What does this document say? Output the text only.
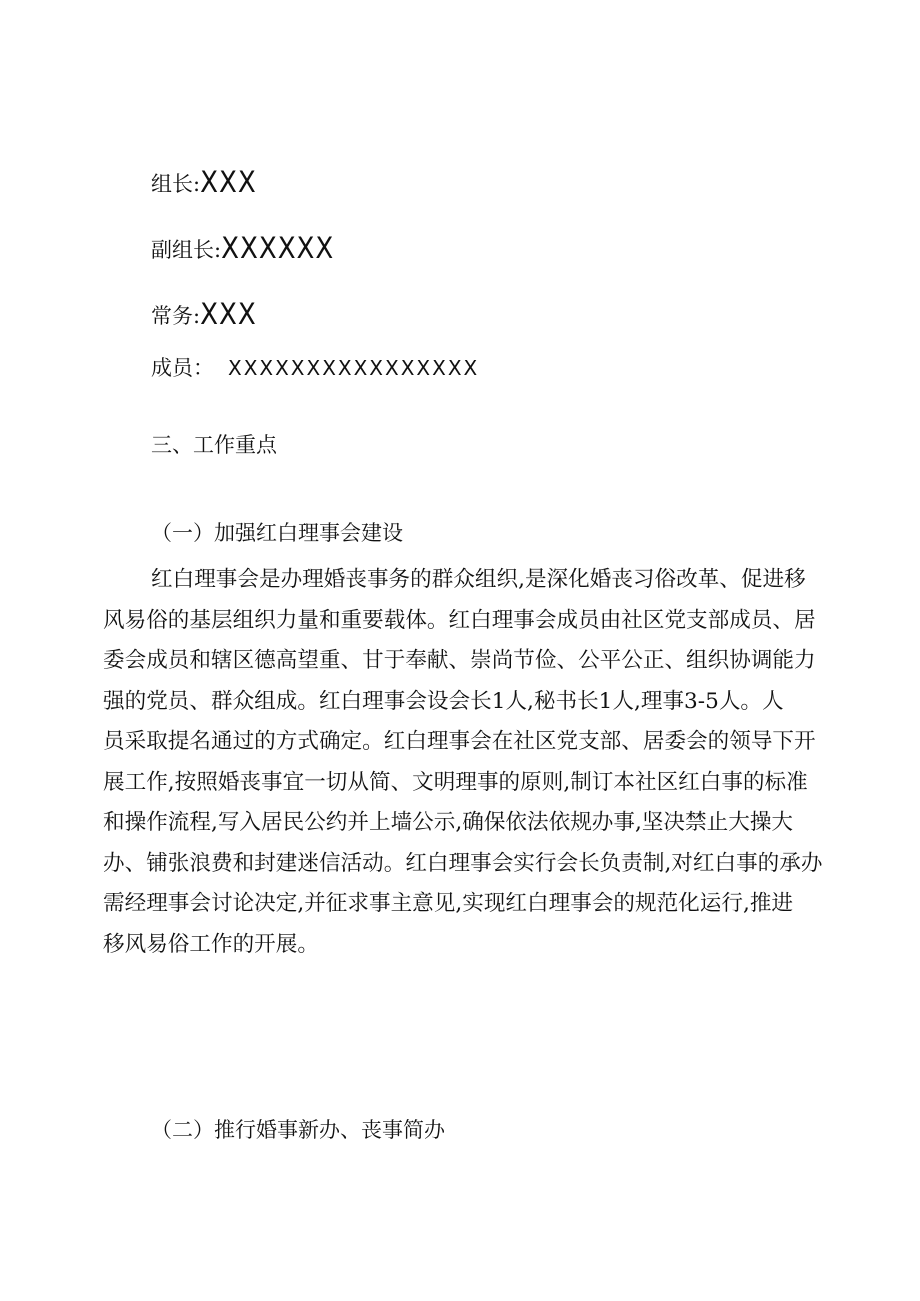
组长:XXX
副组长:XXXXXX
常务:XXX
成员： XXXXXXXXXXXXXXXX
三、工作重点
（一）加强红白理事会建设
红白理事会是办理婚丧事务的群众组织,是深化婚丧习俗改革、促进移
风易俗的基层组织力量和重要载体。红白理事会成员由社区党支部成员、居
委会成员和辖区德高望重、甘于奉献、崇尚节俭、公平公正、组织协调能力
强的党员、群众组成。红白理事会设会长1人,秘书长1人,理事3-5人。人
员采取提名通过的方式确定。红白理事会在社区党支部、居委会的领导下开
展工作,按照婚丧事宜一切从简、文明理事的原则,制订本社区红白事的标准
和操作流程,写入居民公约并上墙公示,确保依法依规办事,坚决禁止大操大
办、铺张浪费和封建迷信活动。红白理事会实行会长负责制,对红白事的承办
需经理事会讨论决定,并征求事主意见,实现红白理事会的规范化运行,推进
移风易俗工作的开展。
（二）推行婚事新办、丧事简办
